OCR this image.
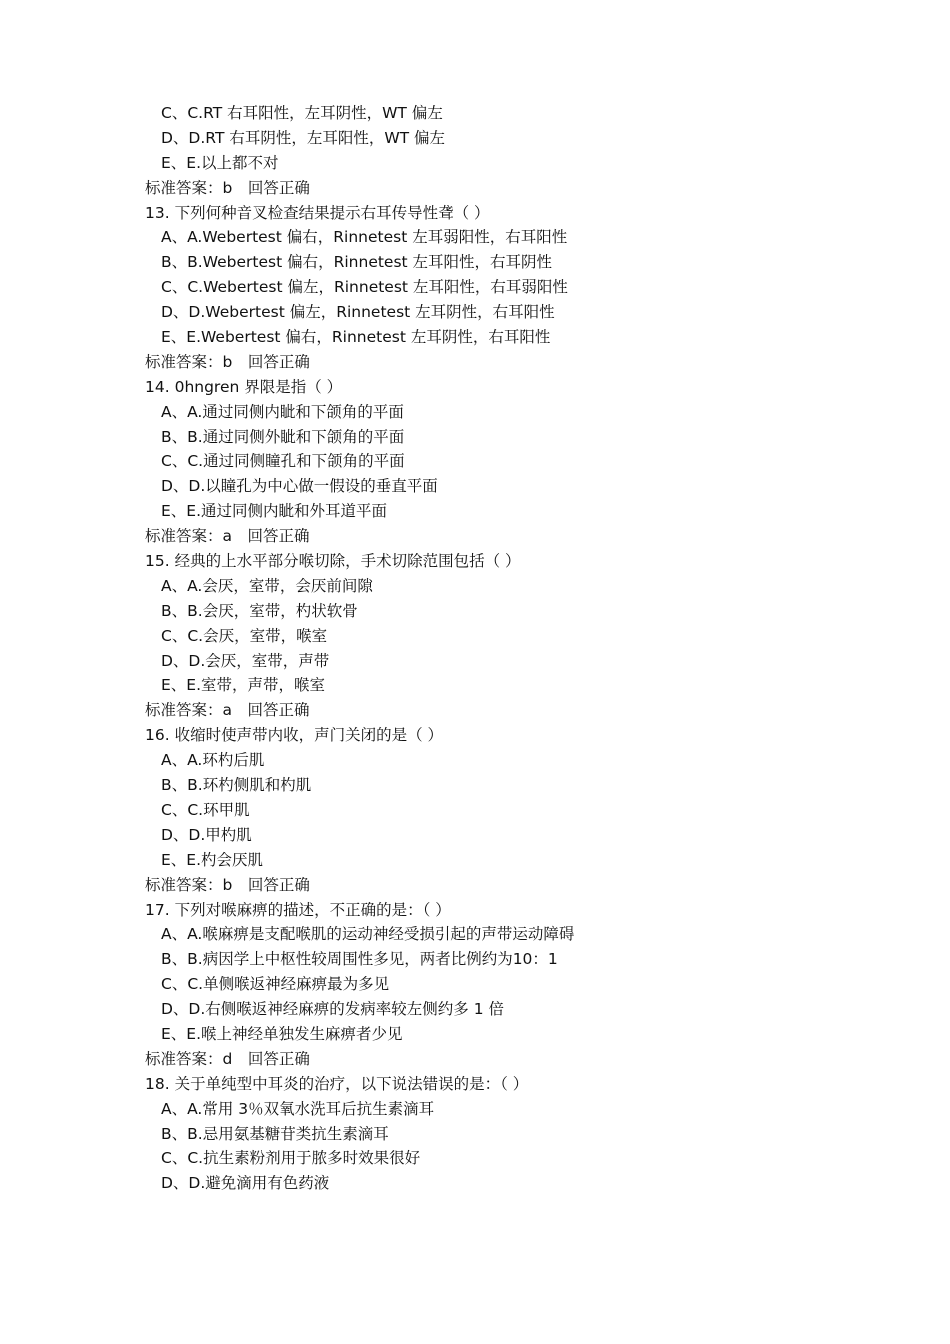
C、C.RT 右耳阳性，左耳阴性，WT 偏左
D、D.RT 右耳阴性，左耳阳性，WT 偏左
E、E.以上都不对
标准答案：b　回答正确
13. 下列何种音叉检查结果提示右耳传导性聋（ ）
A、A.Webertest 偏右，Rinnetest 左耳弱阳性，右耳阳性
B、B.Webertest 偏右，Rinnetest 左耳阳性，右耳阴性
C、C.Webertest 偏左，Rinnetest 左耳阳性，右耳弱阳性
D、D.Webertest 偏左，Rinnetest 左耳阴性，右耳阳性
E、E.Webertest 偏右，Rinnetest 左耳阴性，右耳阳性
标准答案：b　回答正确
14. 0hngren 界限是指（ ）
A、A.通过同侧内眦和下颌角的平面
B、B.通过同侧外眦和下颌角的平面
C、C.通过同侧瞳孔和下颌角的平面
D、D.以瞳孔为中心做一假设的垂直平面
E、E.通过同侧内眦和外耳道平面
标准答案：a　回答正确
15. 经典的上水平部分喉切除，手术切除范围包括（ ）
A、A.会厌，室带，会厌前间隙
B、B.会厌，室带，杓状软骨
C、C.会厌，室带，喉室
D、D.会厌，室带，声带
E、E.室带，声带，喉室
标准答案：a　回答正确
16. 收缩时使声带内收，声门关闭的是（ ）
A、A.环杓后肌
B、B.环杓侧肌和杓肌
C、C.环甲肌
D、D.甲杓肌
E、E.杓会厌肌
标准答案：b　回答正确
17. 下列对喉麻痹的描述，不正确的是：（ ）
A、A.喉麻痹是支配喉肌的运动神经受损引起的声带运动障碍
B、B.病因学上中枢性较周围性多见，两者比例约为10：1
C、C.单侧喉返神经麻痹最为多见
D、D.右侧喉返神经麻痹的发病率较左侧约多 1 倍
E、E.喉上神经单独发生麻痹者少见
标准答案：d　回答正确
18. 关于单纯型中耳炎的治疗，以下说法错误的是：（ ）
A、A.常用 3％双氧水洗耳后抗生素滴耳
B、B.忌用氨基糖苷类抗生素滴耳
C、C.抗生素粉剂用于脓多时效果很好
D、D.避免滴用有色药液
